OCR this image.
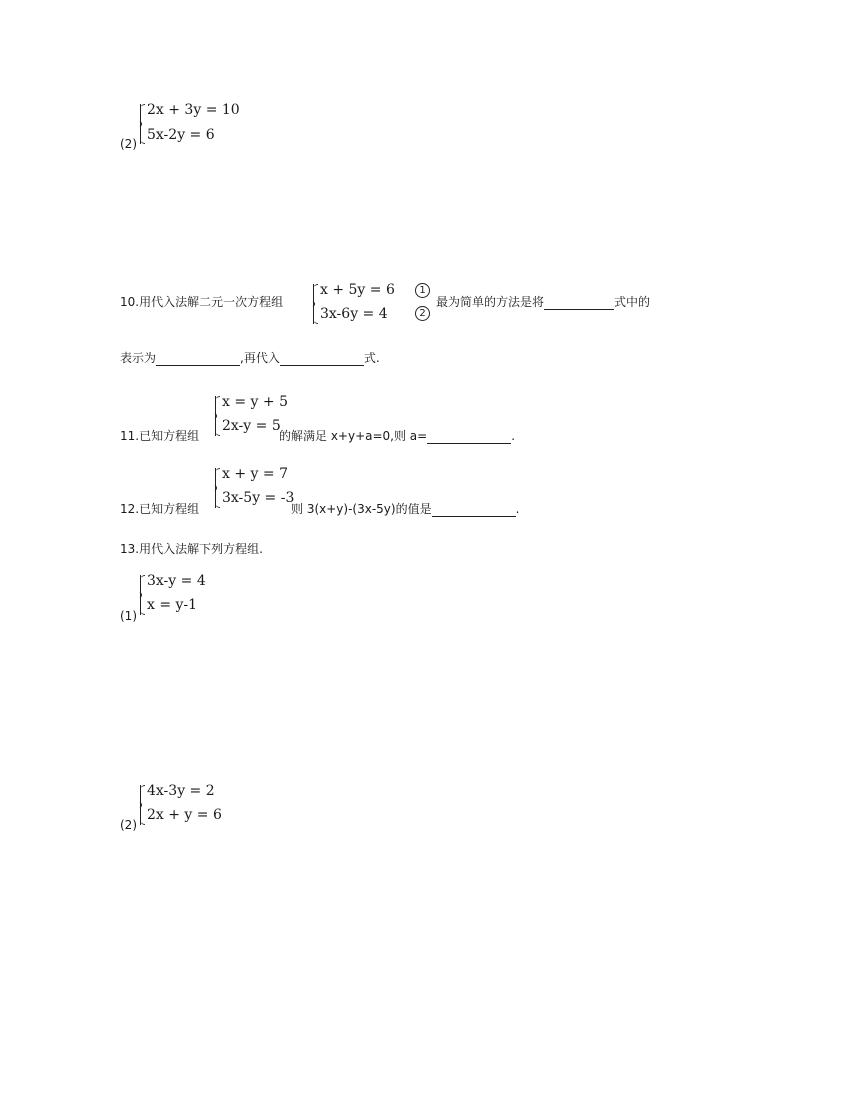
(2)
2x + 3y = 10
5x-2y = 6
10.用代入法解二元一次方程组
x + 5y = 6
3x-6y = 4
1
2
最为简单的方法是将	式中的
表示为	,再代入	式.
11.已知方程组
x = y + 5
2x-y = 5
的解满足 x+y+a=0,则 a=	.
12.已知方程组
x + y = 7
3x-5y = -3
则 3(x+y)-(3x-5y)的值是	.
13.用代入法解下列方程组.
(1)
3x-y = 4
x = y-1
(2)
4x-3y = 2
2x + y = 6
